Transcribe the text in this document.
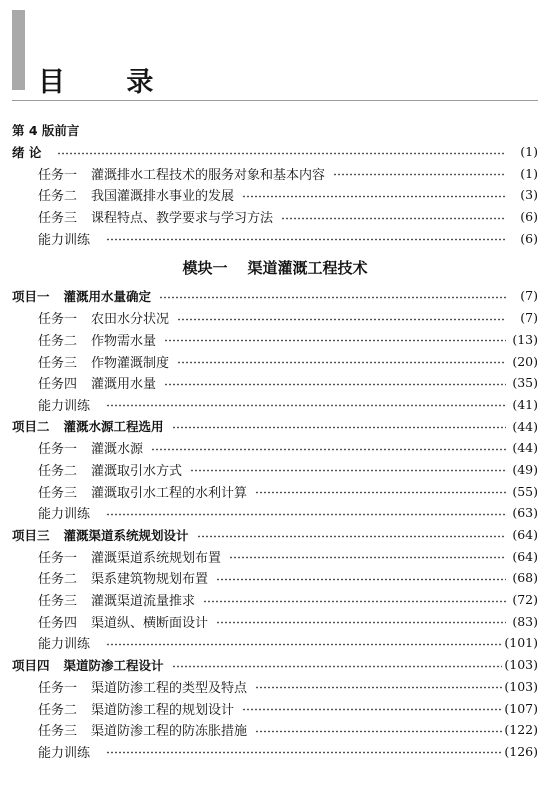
目 录
第 4 版前言
绪 论	(1)
任务一 灌溉排水工程技术的服务对象和基本内容	(1)
任务二 我国灌溉排水事业的发展	(3)
任务三 课程特点、教学要求与学习方法	(6)
能力训练	(6)
模块一 渠道灌溉工程技术
项目一 灌溉用水量确定	(7)
任务一 农田水分状况	(7)
任务二 作物需水量	(13)
任务三 作物灌溉制度	(20)
任务四 灌溉用水量	(35)
能力训练	(41)
项目二 灌溉水源工程选用	(44)
任务一 灌溉水源	(44)
任务二 灌溉取引水方式	(49)
任务三 灌溉取引水工程的水利计算	(55)
能力训练	(63)
项目三 灌溉渠道系统规划设计	(64)
任务一 灌溉渠道系统规划布置	(64)
任务二 渠系建筑物规划布置	(68)
任务三 灌溉渠道流量推求	(72)
任务四 渠道纵、横断面设计	(83)
能力训练	(101)
项目四 渠道防渗工程设计	(103)
任务一 渠道防渗工程的类型及特点	(103)
任务二 渠道防渗工程的规划设计	(107)
任务三 渠道防渗工程的防冻胀措施	(122)
能力训练	(126)
